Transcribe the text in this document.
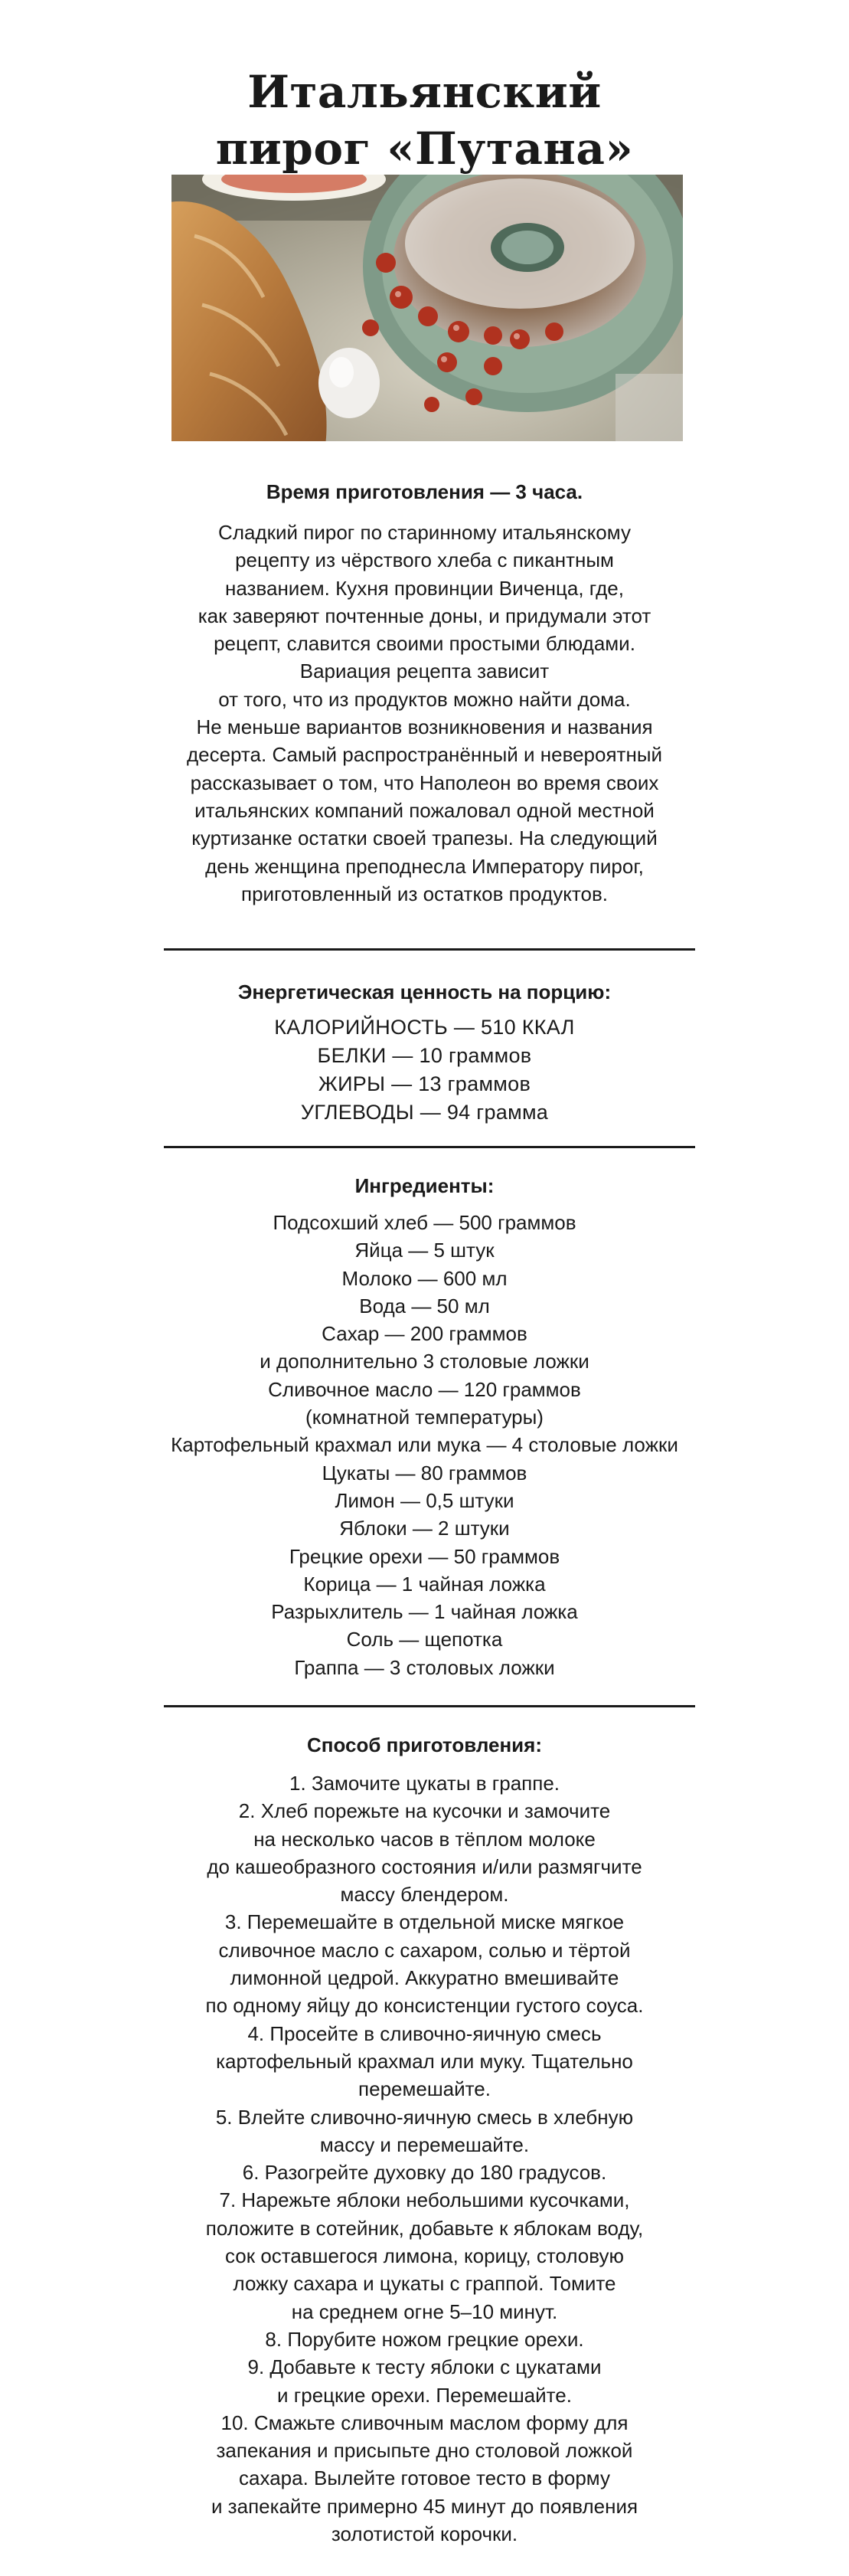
Итальянский
пирог «Путана»

Время приготовления — 3 часа.

Сладкий пирог по старинному итальянскому
рецепту из чёрствого хлеба с пикантным
названием. Кухня провинции Виченца, где,
как заверяют почтенные доны, и придумали этот
рецепт, славится своими простыми блюдами.
Вариация рецепта зависит
от того, что из продуктов можно найти дома.
Не меньше вариантов возникновения и названия
десерта. Самый распространённый и невероятный
рассказывает о том, что Наполеон во время своих
итальянских компаний пожаловал одной местной
куртизанке остатки своей трапезы. На следующий
день женщина преподнесла Императору пирог,
приготовленный из остатков продуктов.

Энергетическая ценность на порцию:

КАЛОРИЙНОСТЬ — 510 ККАЛ
БЕЛКИ — 10 граммов
ЖИРЫ — 13 граммов
УГЛЕВОДЫ — 94 грамма

Ингредиенты:

Подсохший хлеб — 500 граммов
Яйца — 5 штук
Молоко — 600 мл
Вода — 50 мл
Сахар — 200 граммов
и дополнительно 3 столовые ложки
Сливочное масло — 120 граммов
(комнатной температуры)
Картофельный крахмал или мука — 4 столовые ложки
Цукаты — 80 граммов
Лимон — 0,5 штуки
Яблоки — 2 штуки
Грецкие орехи — 50 граммов
Корица — 1 чайная ложка
Разрыхлитель — 1 чайная ложка
Соль — щепотка
Граппа — 3 столовых ложки

Способ приготовления:

1. Замочите цукаты в граппе.
2. Хлеб порежьте на кусочки и замочите
на несколько часов в тёплом молоке
до кашеобразного состояния и/или размягчите
массу блендером.
3. Перемешайте в отдельной миске мягкое
сливочное масло с сахаром, солью и тёртой
лимонной цедрой. Аккуратно вмешивайте
по одному яйцу до консистенции густого соуса.
4. Просейте в сливочно-яичную смесь
картофельный крахмал или муку. Тщательно
перемешайте.
5. Влейте сливочно-яичную смесь в хлебную
массу и перемешайте.
6. Разогрейте духовку до 180 градусов.
7. Нарежьте яблоки небольшими кусочками,
положите в сотейник, добавьте к яблокам воду,
сок оставшегося лимона, корицу, столовую
ложку сахара и цукаты с граппой. Томите
на среднем огне 5–10 минут.
8. Порубите ножом грецкие орехи.
9. Добавьте к тесту яблоки с цукатами
и грецкие орехи. Перемешайте.
10. Смажьте сливочным маслом форму для
запекания и присыпьте дно столовой ложкой
сахара. Вылейте готовое тесто в форму
и запекайте примерно 45 минут до появления
золотистой корочки.
